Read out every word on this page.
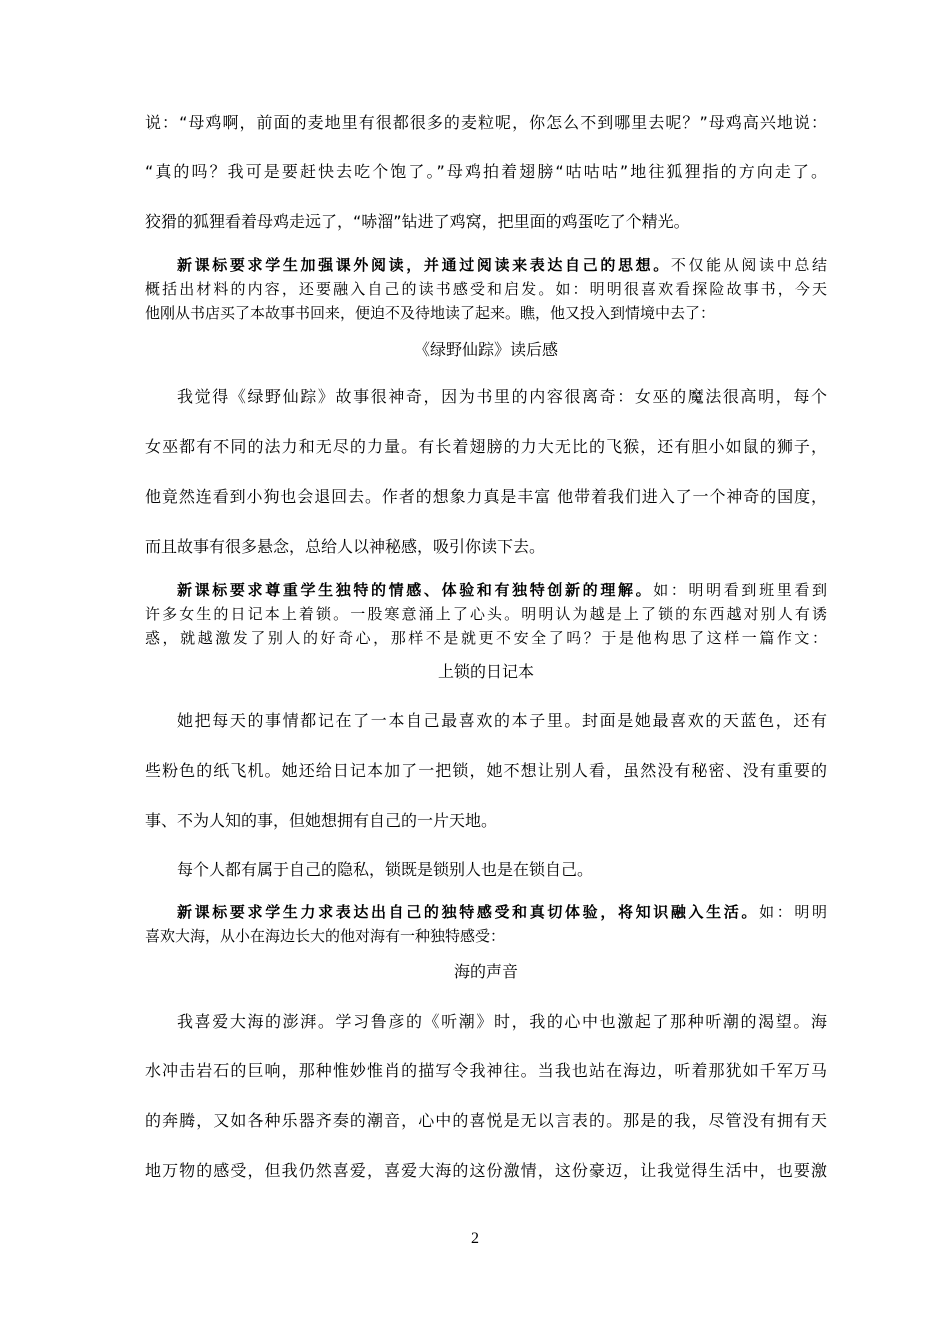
说：“母鸡啊，前面的麦地里有很都很多的麦粒呢，你怎么不到哪里去呢？”母鸡高兴地说：
“真的吗？我可是要赶快去吃个饱了。”母鸡拍着翅膀“咕咕咕”地往狐狸指的方向走了。
狡猾的狐狸看着母鸡走远了，“哧溜”钻进了鸡窝，把里面的鸡蛋吃了个精光。
新课标要求学生加强课外阅读，并通过阅读来表达自己的思想。不仅能从阅读中总结
概括出材料的内容，还要融入自己的读书感受和启发。如：明明很喜欢看探险故事书，今天
他刚从书店买了本故事书回来，便迫不及待地读了起来。瞧，他又投入到情境中去了：
《绿野仙踪》读后感
我觉得《绿野仙踪》故事很神奇，因为书里的内容很离奇：女巫的魔法很高明，每个
女巫都有不同的法力和无尽的力量。有长着翅膀的力大无比的飞猴，还有胆小如鼠的狮子，
他竟然连看到小狗也会退回去。作者的想象力真是丰富 他带着我们进入了一个神奇的国度，
而且故事有很多悬念，总给人以神秘感，吸引你读下去。
新课标要求尊重学生独特的情感、体验和有独特创新的理解。如：明明看到班里看到
许多女生的日记本上着锁。一股寒意涌上了心头。明明认为越是上了锁的东西越对别人有诱
惑，就越激发了别人的好奇心，那样不是就更不安全了吗？于是他构思了这样一篇作文：
上锁的日记本
她把每天的事情都记在了一本自己最喜欢的本子里。封面是她最喜欢的天蓝色，还有
些粉色的纸飞机。她还给日记本加了一把锁，她不想让别人看，虽然没有秘密、没有重要的
事、不为人知的事，但她想拥有自己的一片天地。
每个人都有属于自己的隐私，锁既是锁别人也是在锁自己。
新课标要求学生力求表达出自己的独特感受和真切体验，将知识融入生活。如：明明
喜欢大海，从小在海边长大的他对海有一种独特感受：
海的声音
我喜爱大海的澎湃。学习鲁彦的《听潮》时，我的心中也激起了那种听潮的渴望。海
水冲击岩石的巨响，那种惟妙惟肖的描写令我神往。当我也站在海边，听着那犹如千军万马
的奔腾，又如各种乐器齐奏的潮音，心中的喜悦是无以言表的。那是的我，尽管没有拥有天
地万物的感受，但我仍然喜爱，喜爱大海的这份激情，这份豪迈，让我觉得生活中，也要激
2
